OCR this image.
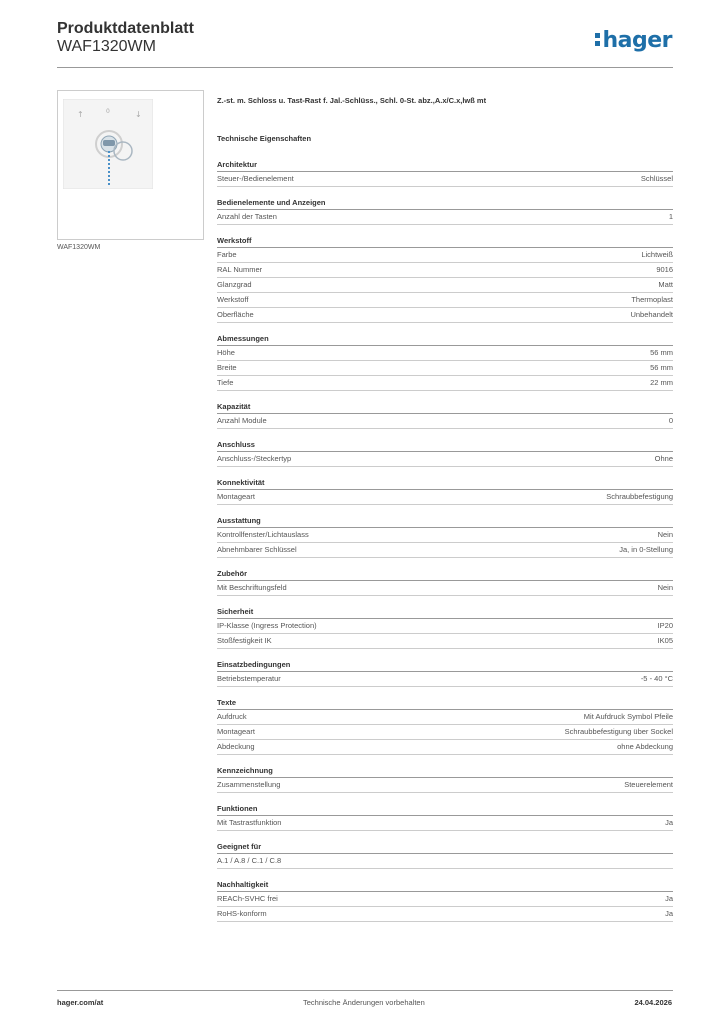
Produktdatenblatt
WAF1320WM	hager
↑	0	↓
WAF1320WM
Z.-st. m. Schloss u. Tast-Rast f. Jal.-Schlüss., Schl. 0-St. abz.,A.x/C.x,lwß mt
Technische Eigenschaften
Architektur
Steuer-/Bedienelement	Schlüssel
Bedienelemente und Anzeigen
Anzahl der Tasten	1
Werkstoff
Farbe	Lichtweiß
RAL Nummer	9016
Glanzgrad	Matt
Werkstoff	Thermoplast
Oberfläche	Unbehandelt
Abmessungen
Höhe	56 mm
Breite	56 mm
Tiefe	22 mm
Kapazität
Anzahl Module	0
Anschluss
Anschluss-/Steckertyp	Ohne
Konnektivität
Montageart	Schraubbefestigung
Ausstattung
Kontrollfenster/Lichtauslass	Nein
Abnehmbarer Schlüssel	Ja, in 0-Stellung
Zubehör
Mit Beschriftungsfeld	Nein
Sicherheit
IP-Klasse (Ingress Protection)	IP20
Stoßfestigkeit IK	IK05
Einsatzbedingungen
Betriebstemperatur	-5 - 40 °C
Texte
Aufdruck	Mit Aufdruck Symbol Pfeile
Montageart	Schraubbefestigung über Sockel
Abdeckung	ohne Abdeckung
Kennzeichnung
Zusammenstellung	Steuerelement
Funktionen
Mit Tastrastfunktion	Ja
Geeignet für
A.1 / A.8 / C.1 / C.8
Nachhaltigkeit
REACh-SVHC frei	Ja
RoHS-konform	Ja
hager.com/at	Technische Änderungen vorbehalten	24.04.2026
